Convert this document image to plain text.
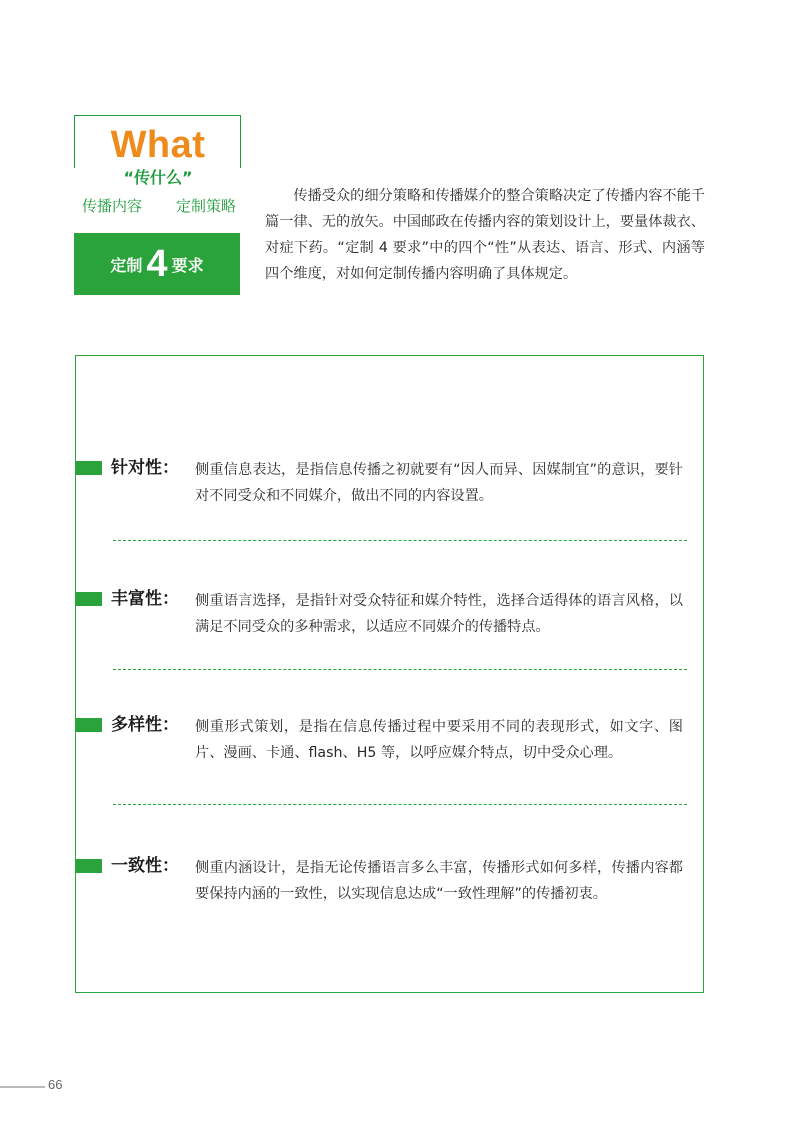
What
“传什么”
传播内容 定制策略
定制 4 要求
传播受众的细分策略和传播媒介的整合策略决定了传播内容不能千篇一律、无的放矢。中国邮政在传播内容的策划设计上，要量体裁衣、对症下药。“定制 4 要求”中的四个“性”从表达、语言、形式、内涵等四个维度，对如何定制传播内容明确了具体规定。
针对性： 侧重信息表达，是指信息传播之初就要有“因人而异、因媒制宜”的意识，要针对不同受众和不同媒介，做出不同的内容设置。
丰富性： 侧重语言选择，是指针对受众特征和媒介特性，选择合适得体的语言风格，以满足不同受众的多种需求，以适应不同媒介的传播特点。
多样性： 侧重形式策划，是指在信息传播过程中要采用不同的表现形式，如文字、图片、漫画、卡通、flash、H5 等，以呼应媒介特点，切中受众心理。
一致性： 侧重内涵设计，是指无论传播语言多么丰富，传播形式如何多样，传播内容都要保持内涵的一致性，以实现信息达成“一致性理解”的传播初衷。
66
